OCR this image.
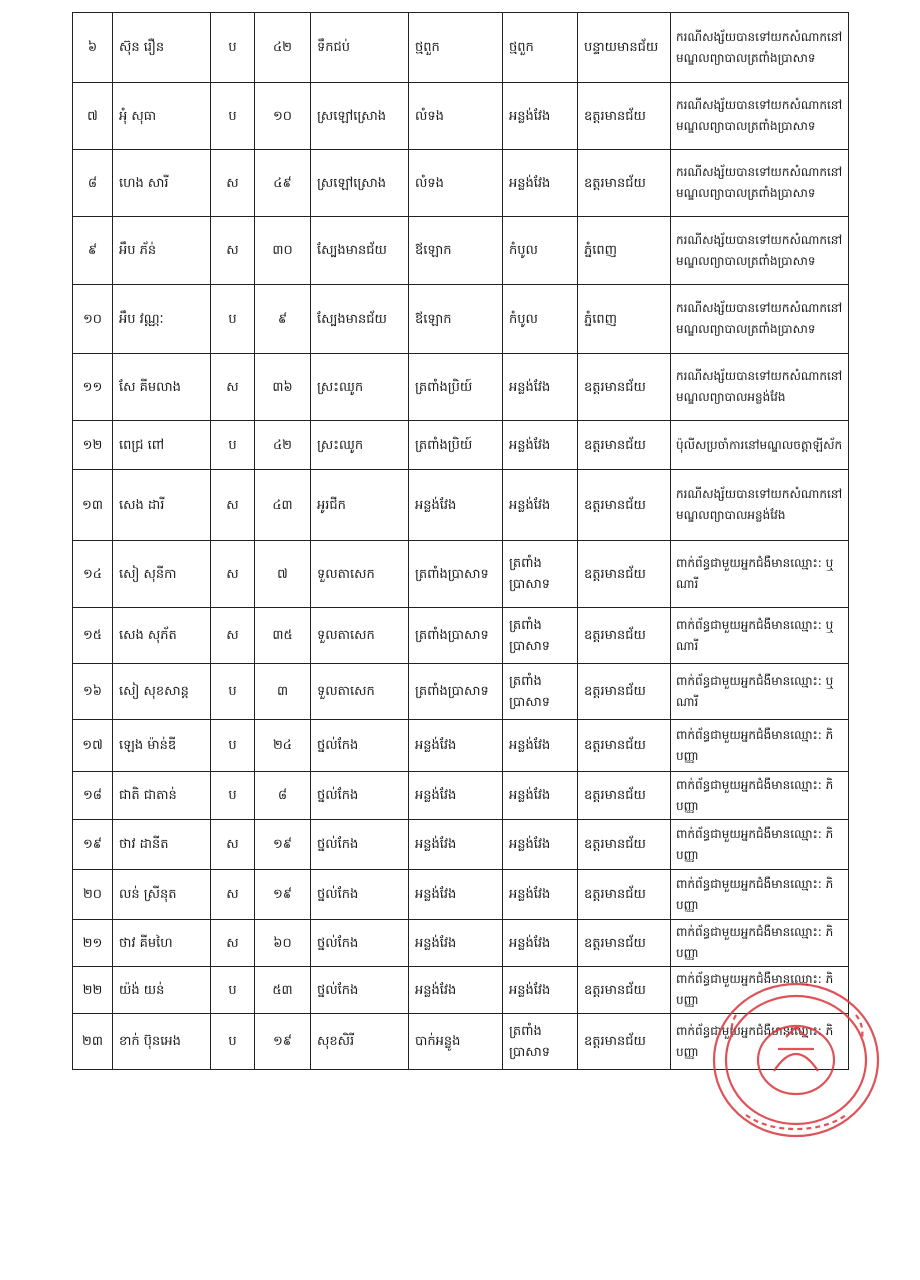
៦	ស៊ុន រឿន	ប	៤២	ទឹកជប់	ថ្មពួក	ថ្មពួក	បន្ទាយមានជ័យ	ករណីសង្ស័យបានទៅយកសំណាកនៅមណ្ឌលព្យាបាលត្រពាំងប្រាសាទ
៧	អុំ សុធា	ប	១០	ស្រឡៅស្រោង	លំទង	អន្លង់វែង	ឧត្តរមានជ័យ	ករណីសង្ស័យបានទៅយកសំណាកនៅមណ្ឌលព្យាបាលត្រពាំងប្រាសាទ
៨	ហេង សារី	ស	៤៩	ស្រឡៅស្រោង	លំទង	អន្លង់វែង	ឧត្តរមានជ័យ	ករណីសង្ស័យបានទៅយកសំណាកនៅមណ្ឌលព្យាបាលត្រពាំងប្រាសាទ
៩	អឹប ភ័ន់	ស	៣០	ស្បែងមានជ័យ	ឪឡោក	កំបូល	ភ្នំពេញ	ករណីសង្ស័យបានទៅយកសំណាកនៅមណ្ឌលព្យាបាលត្រពាំងប្រាសាទ
១០	អឹប វណ្ណៈ	ប	៩	ស្បែងមានជ័យ	ឪឡោក	កំបូល	ភ្នំពេញ	ករណីសង្ស័យបានទៅយកសំណាកនៅមណ្ឌលព្យាបាលត្រពាំងប្រាសាទ
១១	សែ គីមលាង	ស	៣៦	ស្រះឈូក	ត្រពាំងប្រិយ៍	អន្លង់វែង	ឧត្តរមានជ័យ	ករណីសង្ស័យបានទៅយកសំណាកនៅមណ្ឌលព្យាបាលអន្លង់វែង
១២	ពេជ្រ ពៅ	ប	៤២	ស្រះឈូក	ត្រពាំងប្រិយ៍	អន្លង់វែង	ឧត្តរមានជ័យ	ប៉ុលីសប្រចាំការនៅមណ្ឌលចត្តាឡីស័ក
១៣	សេង ដារី	ស	៤៣	អូរជីក	អន្លង់វែង	អន្លង់វែង	ឧត្តរមានជ័យ	ករណីសង្ស័យបានទៅយកសំណាកនៅមណ្ឌលព្យាបាលអន្លង់វែង
១៤	សៀ សុនីកា	ស	៧	ទួលតាសេក	ត្រពាំងប្រាសាទ	ត្រពាំងប្រាសាទ	ឧត្តរមានជ័យ	ពាក់ព័ន្ធជាមួយអ្នកជំងឺមានឈ្មោះ: ឬ ណារី
១៥	សេង សុភ័ត	ស	៣៥	ទួលតាសេក	ត្រពាំងប្រាសាទ	ត្រពាំងប្រាសាទ	ឧត្តរមានជ័យ	ពាក់ព័ន្ធជាមួយអ្នកជំងឺមានឈ្មោះ: ឬ ណារី
១៦	សៀ សុខសាន្ត	ប	៣	ទួលតាសេក	ត្រពាំងប្រាសាទ	ត្រពាំងប្រាសាទ	ឧត្តរមានជ័យ	ពាក់ព័ន្ធជាមួយអ្នកជំងឺមានឈ្មោះ: ឬ ណារី
១៧	ឡេង ម៉ាន់ឌី	ប	២៤	ថ្នល់កែង	អន្លង់វែង	អន្លង់វែង	ឧត្តរមានជ័យ	ពាក់ព័ន្ធជាមួយអ្នកជំងឺមានឈ្មោះ: ភិ បញ្ញា
១៨	ជាតិ ជាតាន់	ប	៨	ថ្នល់កែង	អន្លង់វែង	អន្លង់វែង	ឧត្តរមានជ័យ	ពាក់ព័ន្ធជាមួយអ្នកជំងឺមានឈ្មោះ: ភិ បញ្ញា
១៩	ថាវ ដានីត	ស	១៩	ថ្នល់កែង	អន្លង់វែង	អន្លង់វែង	ឧត្តរមានជ័យ	ពាក់ព័ន្ធជាមួយអ្នកជំងឺមានឈ្មោះ: ភិ បញ្ញា
២០	លន់ ស្រីនុត	ស	១៩	ថ្នល់កែង	អន្លង់វែង	អន្លង់វែង	ឧត្តរមានជ័យ	ពាក់ព័ន្ធជាមួយអ្នកជំងឺមានឈ្មោះ: ភិ បញ្ញា
២១	ថាវ គីមហៃ	ស	៦០	ថ្នល់កែង	អន្លង់វែង	អន្លង់វែង	ឧត្តរមានជ័យ	ពាក់ព័ន្ធជាមួយអ្នកជំងឺមានឈ្មោះ: ភិ បញ្ញា
២២	យ៉ង់ យន់	ប	៥៣	ថ្នល់កែង	អន្លង់វែង	អន្លង់វែង	ឧត្តរមានជ័យ	ពាក់ព័ន្ធជាមួយអ្នកជំងឺមានឈ្មោះ: ភិ បញ្ញា
២៣	ខាក់ ប៊ុនអេង	ប	១៩	សុខសិរី	បាក់អន្លូង	ត្រពាំងប្រាសាទ	ឧត្តរមានជ័យ	ពាក់ព័ន្ធជាមួយអ្នកជំងឺមានឈ្មោះ: ភិ បញ្ញា
